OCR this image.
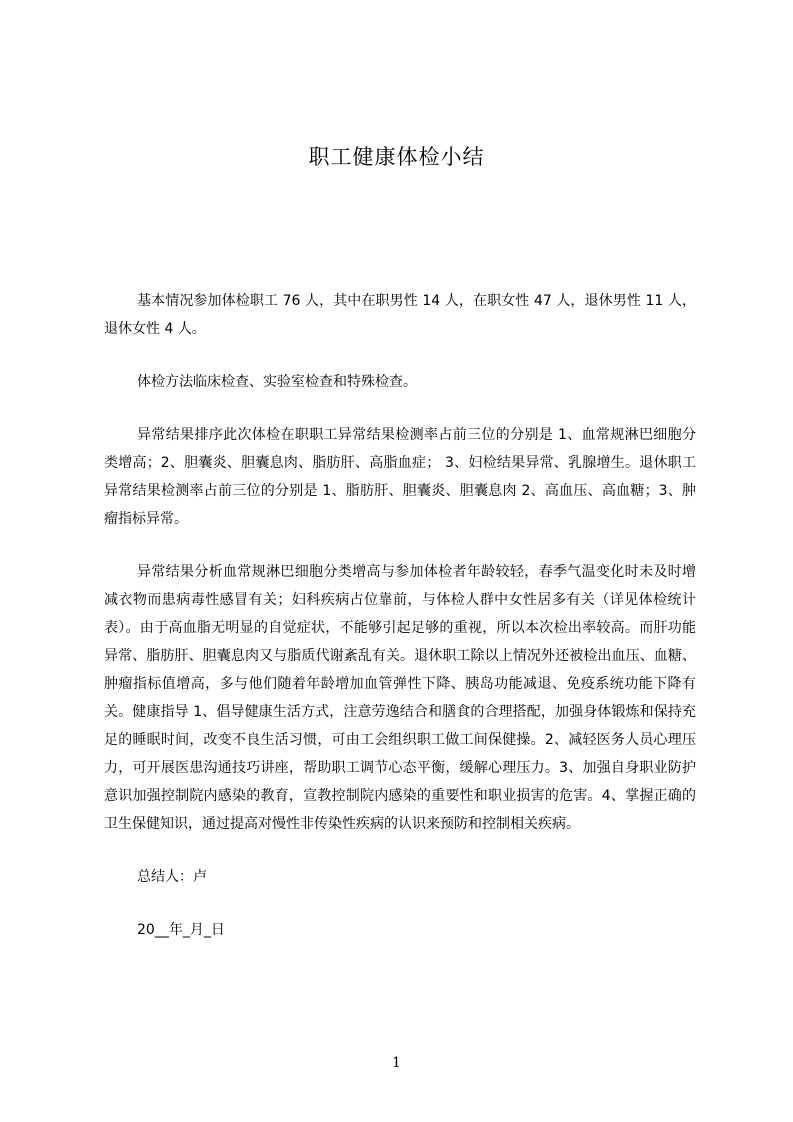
职工健康体检小结

基本情况参加体检职工 76 人，其中在职男性 14 人，在职女性 47 人，退休男性 11 人，退休女性 4 人。

体检方法临床检查、实验室检查和特殊检查。

异常结果排序此次体检在职职工异常结果检测率占前三位的分别是 1、血常规淋巴细胞分类增高；2、胆囊炎、胆囊息肉、脂肪肝、高脂血症； 3、妇检结果异常、乳腺增生。退休职工异常结果检测率占前三位的分别是 1、脂肪肝、胆囊炎、胆囊息肉 2、高血压、高血糖；3、肿瘤指标异常。

异常结果分析血常规淋巴细胞分类增高与参加体检者年龄较轻，春季气温变化时未及时增减衣物而患病毒性感冒有关；妇科疾病占位靠前，与体检人群中女性居多有关（详见体检统计表）。由于高血脂无明显的自觉症状，不能够引起足够的重视，所以本次检出率较高。而肝功能异常、脂肪肝、胆囊息肉又与脂质代谢紊乱有关。退休职工除以上情况外还被检出血压、血糖、肿瘤指标值增高，多与他们随着年龄增加血管弹性下降、胰岛功能减退、免疫系统功能下降有关。健康指导 1、倡导健康生活方式，注意劳逸结合和膳食的合理搭配，加强身体锻炼和保持充足的睡眠时间，改变不良生活习惯，可由工会组织职工做工间保健操。2、减轻医务人员心理压力，可开展医患沟通技巧讲座，帮助职工调节心态平衡，缓解心理压力。3、加强自身职业防护意识加强控制院内感染的教育，宣教控制院内感染的重要性和职业损害的危害。4、掌握正确的卫生保健知识，通过提高对慢性非传染性疾病的认识来预防和控制相关疾病。

总结人：卢

20__年_月_日

1
